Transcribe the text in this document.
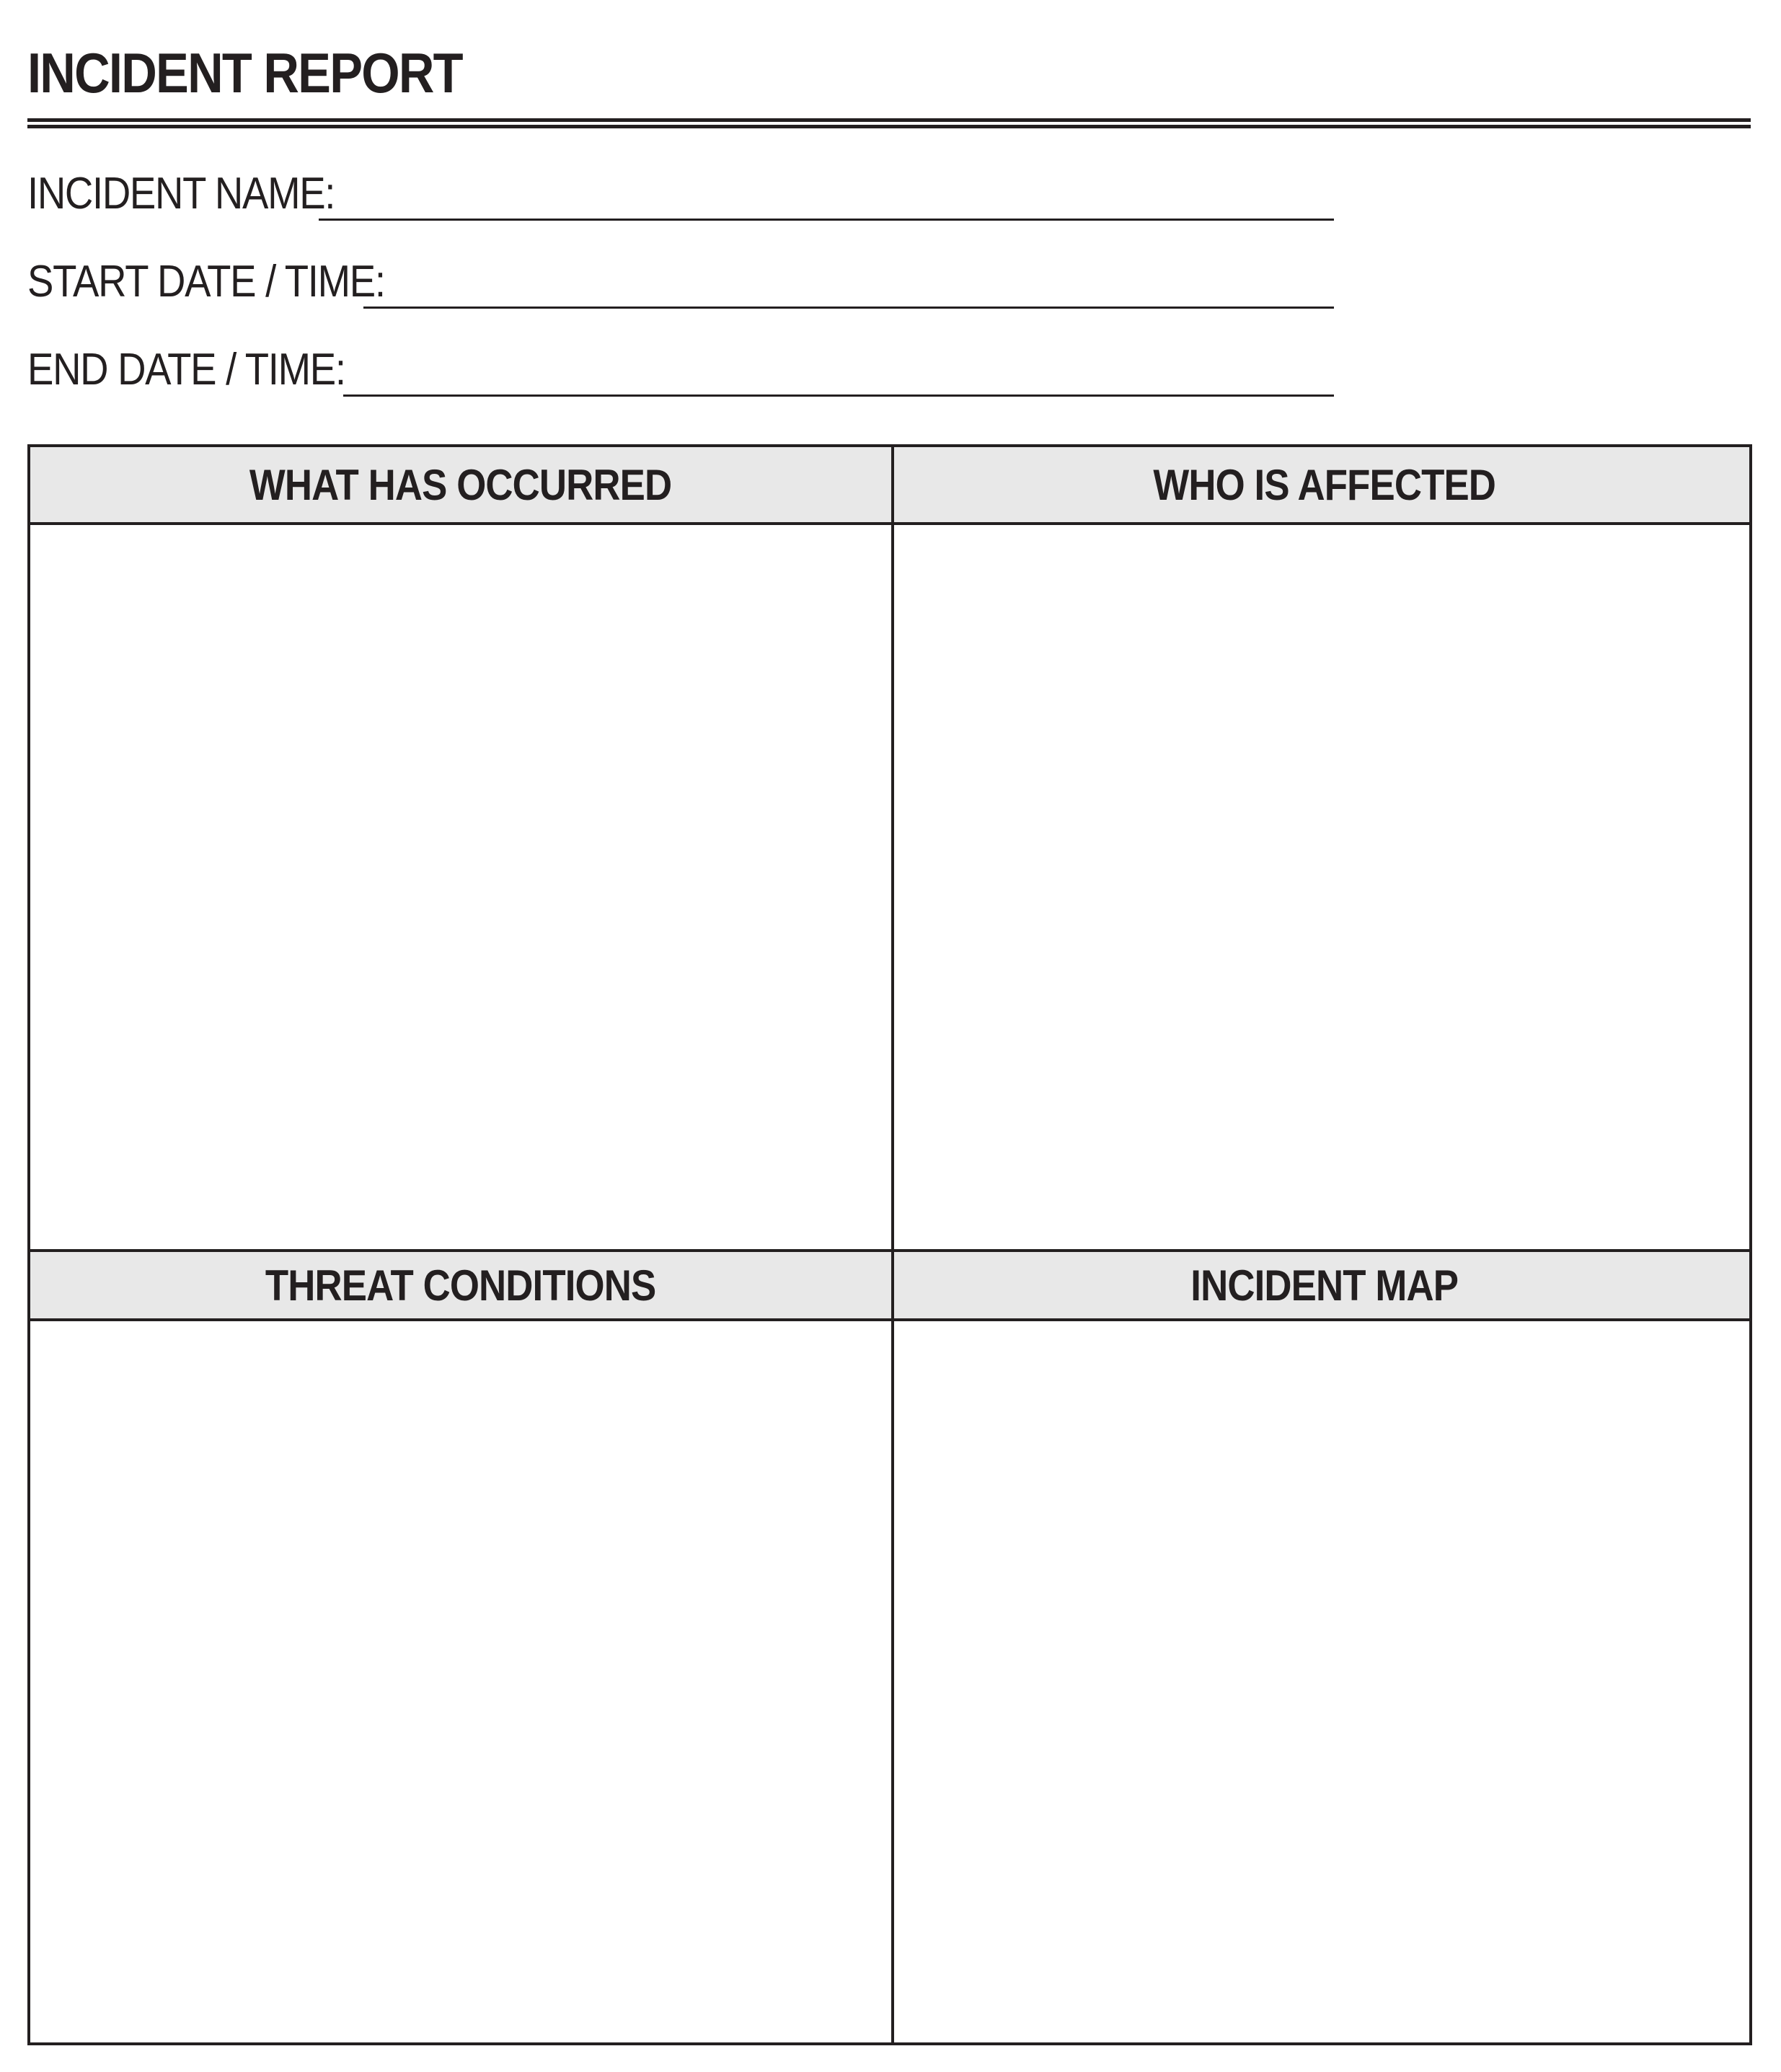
INCIDENT REPORT
INCIDENT NAME:
START DATE / TIME:
END DATE / TIME:
WHAT HAS OCCURRED	WHO IS AFFECTED
THREAT CONDITIONS	INCIDENT MAP
